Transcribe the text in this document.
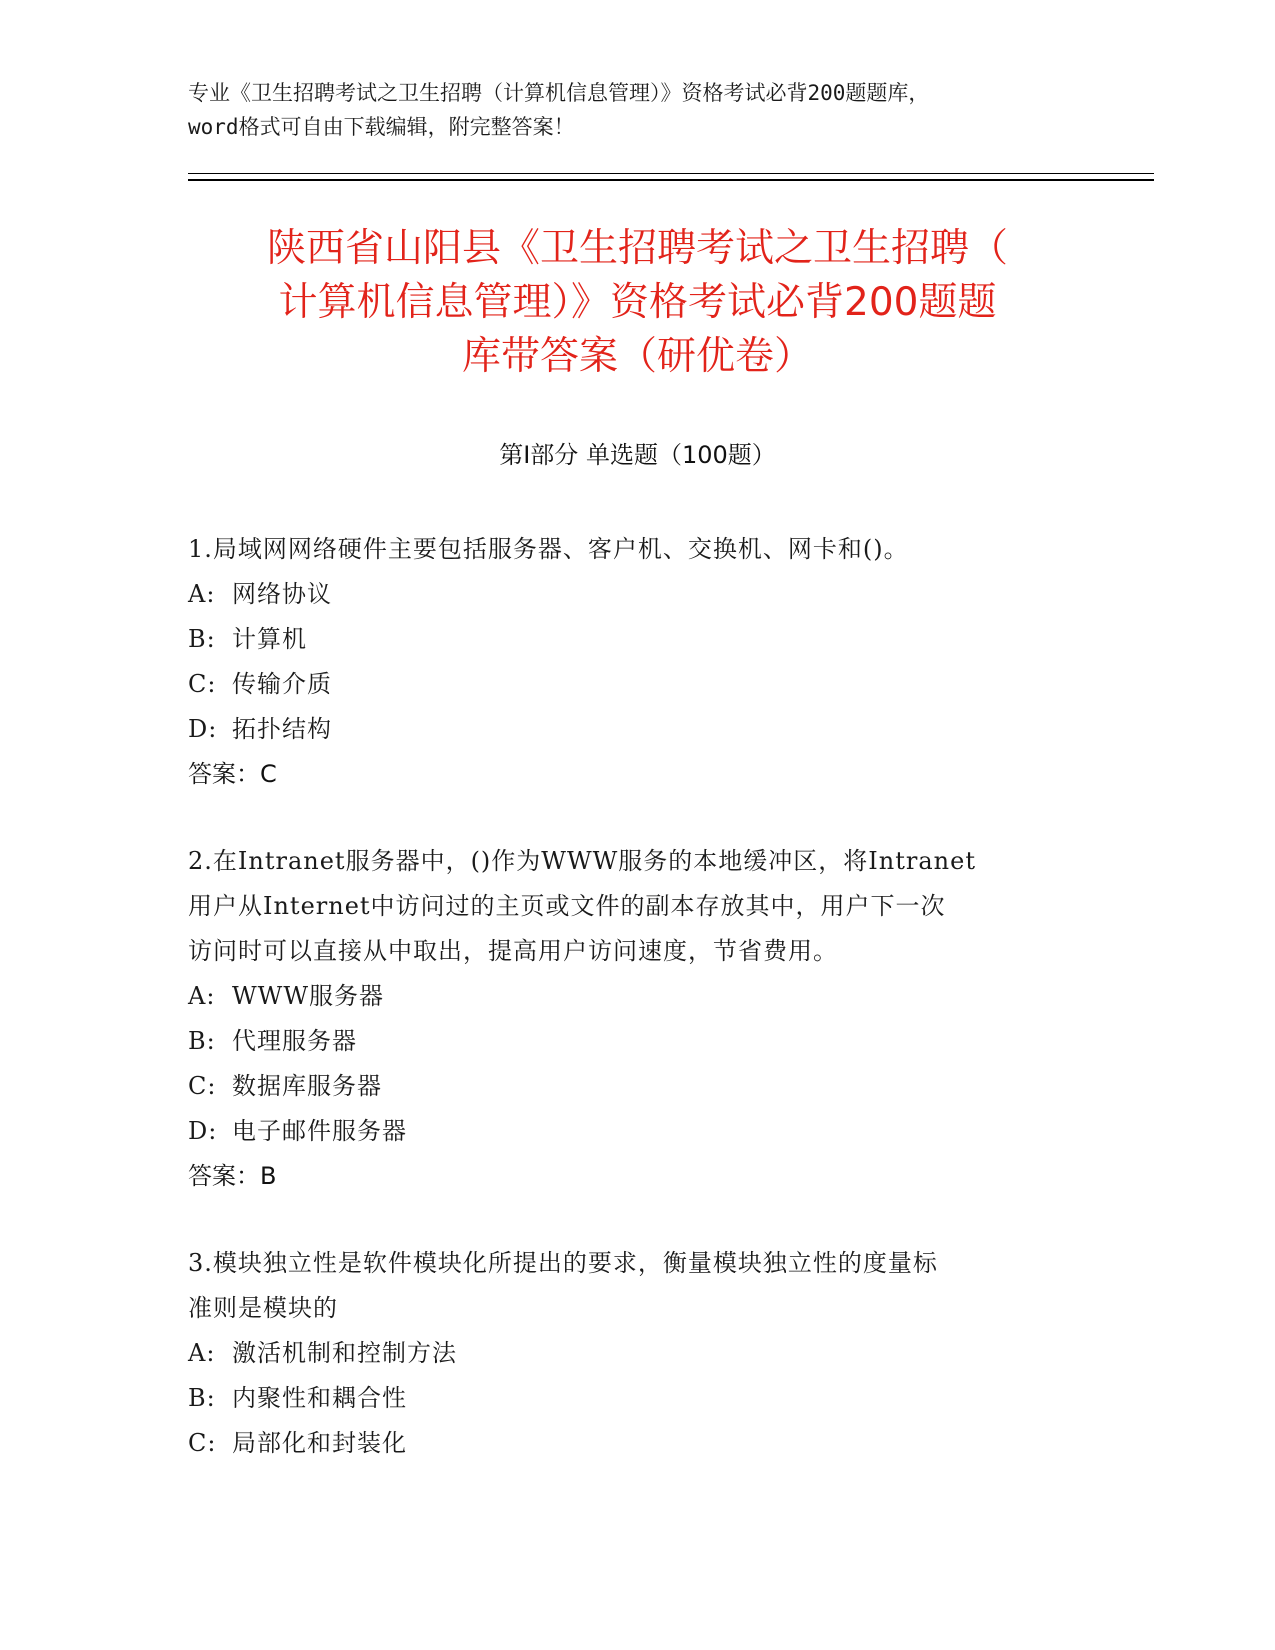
专业《卫生招聘考试之卫生招聘（计算机信息管理）》资格考试必背200题题库，
word格式可自由下载编辑，附完整答案！
陕西省山阳县《卫生招聘考试之卫生招聘（
计算机信息管理）》资格考试必背200题题
库带答案（研优卷）
第Ⅰ部分 单选题（100题）
1.局域网网络硬件主要包括服务器、客户机、交换机、网卡和()。
A: 网络协议
B: 计算机
C: 传输介质
D: 拓扑结构
答案：C
2.在Intranet服务器中，()作为WWW服务的本地缓冲区，将Intranet
用户从Internet中访问过的主页或文件的副本存放其中，用户下一次
访问时可以直接从中取出，提高用户访问速度，节省费用。
A: WWW服务器
B: 代理服务器
C: 数据库服务器
D: 电子邮件服务器
答案：B
3.模块独立性是软件模块化所提出的要求，衡量模块独立性的度量标
准则是模块的
A: 激活机制和控制方法
B: 内聚性和耦合性
C: 局部化和封装化
